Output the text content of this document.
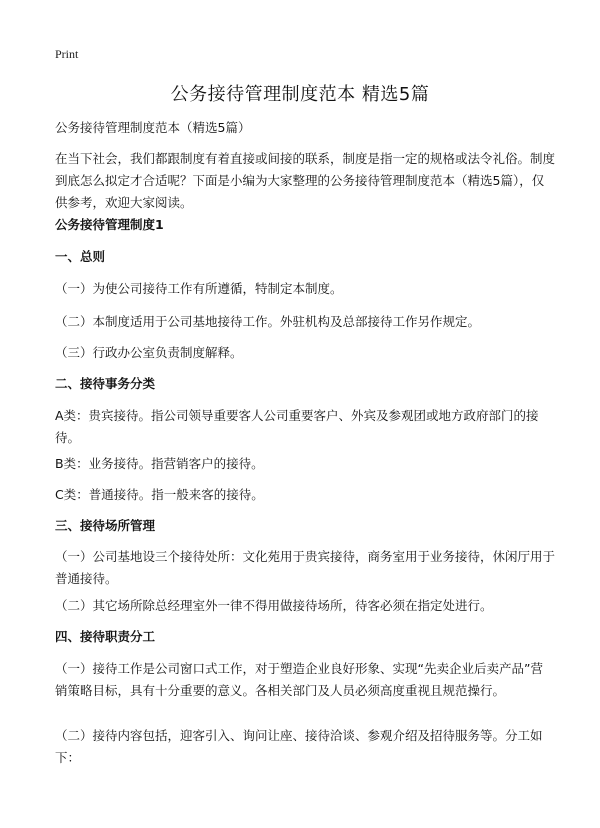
Print
公务接待管理制度范本 精选5篇

公务接待管理制度范本（精选5篇）

在当下社会，我们都跟制度有着直接或间接的联系，制度是指一定的规格或法令礼俗。制度到底怎么拟定才合适呢？下面是小编为大家整理的公务接待管理制度范本（精选5篇），仅供参考，欢迎大家阅读。

公务接待管理制度1

一、总则

（一）为使公司接待工作有所遵循，特制定本制度。

（二）本制度适用于公司基地接待工作。外驻机构及总部接待工作另作规定。

（三）行政办公室负责制度解释。

二、接待事务分类

A类：贵宾接待。指公司领导重要客人公司重要客户、外宾及参观团或地方政府部门的接待。

B类：业务接待。指营销客户的接待。

C类：普通接待。指一般来客的接待。

三、接待场所管理

（一）公司基地设三个接待处所：文化苑用于贵宾接待，商务室用于业务接待，休闲厅用于普通接待。

（二）其它场所除总经理室外一律不得用做接待场所，待客必须在指定处进行。

四、接待职责分工

（一）接待工作是公司窗口式工作，对于塑造企业良好形象、实现“先卖企业后卖产品”营销策略目标，具有十分重要的意义。各相关部门及人员必须高度重视且规范操行。

（二）接待内容包括，迎客引入、询问让座、接待洽谈、参观介绍及招待服务等。分工如下：
